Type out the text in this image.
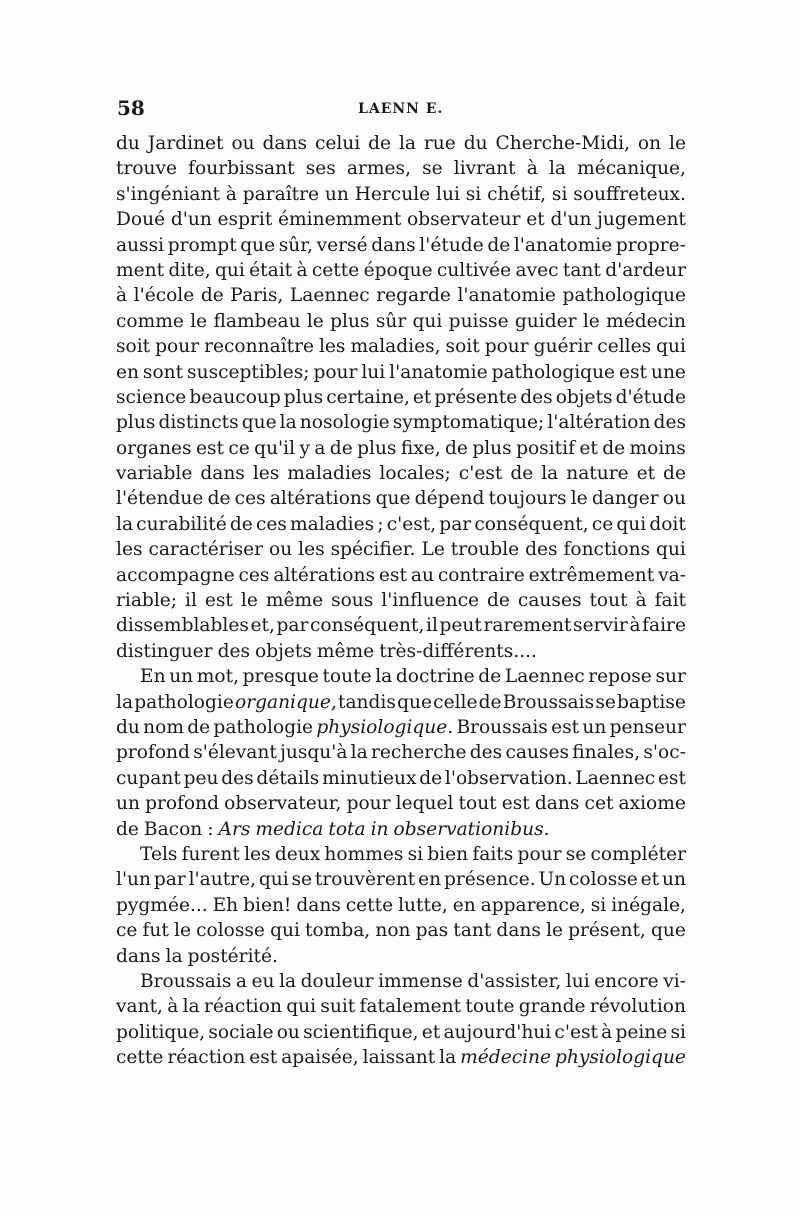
58	LAENN E.
du Jardinet ou dans celui de la rue du Cherche-Midi, on le
trouve fourbissant ses armes, se livrant à la mécanique,
s'ingéniant à paraître un Hercule lui si chétif, si souffreteux.
Doué d'un esprit éminemment observateur et d'un jugement
aussi prompt que sûr, versé dans l'étude de l'anatomie propre-
ment dite, qui était à cette époque cultivée avec tant d'ardeur
à l'école de Paris, Laennec regarde l'anatomie pathologique
comme le flambeau le plus sûr qui puisse guider le médecin
soit pour reconnaître les maladies, soit pour guérir celles qui
en sont susceptibles; pour lui l'anatomie pathologique est une
science beaucoup plus certaine, et présente des objets d'étude
plus distincts que la nosologie symptomatique; l'altération des
organes est ce qu'il y a de plus fixe, de plus positif et de moins
variable dans les maladies locales; c'est de la nature et de
l'étendue de ces altérations que dépend toujours le danger ou
la curabilité de ces maladies ; c'est, par conséquent, ce qui doit
les caractériser ou les spécifier. Le trouble des fonctions qui
accompagne ces altérations est au contraire extrêmement va-
riable; il est le même sous l'influence de causes tout à fait
dissemblables et, par conséquent, il peut rarement servir à faire
distinguer des objets même très-différents....
En un mot, presque toute la doctrine de Laennec repose sur
la pathologie organique, tandis que celle de Broussais se baptise
du nom de pathologie physiologique. Broussais est un penseur
profond s'élevant jusqu'à la recherche des causes finales, s'oc-
cupant peu des détails minutieux de l'observation. Laennec est
un profond observateur, pour lequel tout est dans cet axiome
de Bacon : Ars medica tota in observationibus.
Tels furent les deux hommes si bien faits pour se compléter
l'un par l'autre, qui se trouvèrent en présence. Un colosse et un
pygmée... Eh bien! dans cette lutte, en apparence, si inégale,
ce fut le colosse qui tomba, non pas tant dans le présent, que
dans la postérité.
Broussais a eu la douleur immense d'assister, lui encore vi-
vant, à la réaction qui suit fatalement toute grande révolution
politique, sociale ou scientifique, et aujourd'hui c'est à peine si
cette réaction est apaisée, laissant la médecine physiologique
